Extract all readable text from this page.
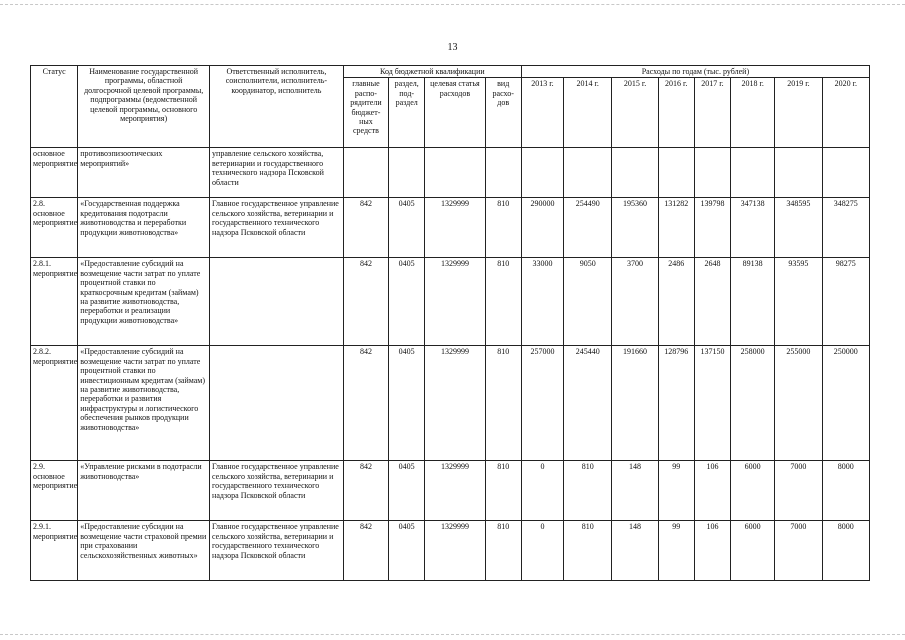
13
Статус	Наименование государственной программы, областной долгосрочной целевой программы, подпрограммы (ведомственной целевой программы, основного мероприятия)	Ответственный исполнитель, соисполнители, исполнитель-координатор, исполнитель	Код бюджетной квалификации				Расходы по годам (тыс. рублей)							
			главные распо-рядители бюджет-ных средств	раздел, под-раздел	целевая статья расходов	вид расхо-дов	2013 г.	2014 г.	2015 г.	2016 г.	2017 г.	2018 г.	2019 г.	2020 г.
основное мероприятие	противоэпизоотических мероприятий»	управление сельского хозяйства, ветеринарии и государственного технического надзора Псковской области												
2.8. основное мероприятие	«Государственная поддержка кредитования подотрасли животноводства и переработки продукции животноводства»	Главное государственное управление сельского хозяйства, ветеринарии и государственного технического надзора Псковской области	842	0405	1329999	810	290000	254490	195360	131282	139798	347138	348595	348275
2.8.1. мероприятие	«Предоставление субсидий на возмещение части затрат по уплате процентной ставки по краткосрочным кредитам (займам) на развитие животноводства, переработки и реализации продукции животноводства»		842	0405	1329999	810	33000	9050	3700	2486	2648	89138	93595	98275
2.8.2. мероприятие	«Предоставление субсидий на возмещение части затрат по уплате процентной ставки по инвестиционным кредитам (займам) на развитие животноводства, переработки и развития инфраструктуры и логистического обеспечения рынков продукции животноводства»		842	0405	1329999	810	257000	245440	191660	128796	137150	258000	255000	250000
2.9. основное мероприятие	«Управление рисками в подотрасли животноводства»	Главное государственное управление сельского хозяйства, ветеринарии и государственного технического надзора Псковской области	842	0405	1329999	810	0	810	148	99	106	6000	7000	8000
2.9.1. мероприятие	«Предоставление субсидии на возмещение части страховой премии при страховании сельскохозяйственных животных»	Главное государственное управление сельского хозяйства, ветеринарии и государственного технического надзора Псковской области	842	0405	1329999	810	0	810	148	99	106	6000	7000	8000
